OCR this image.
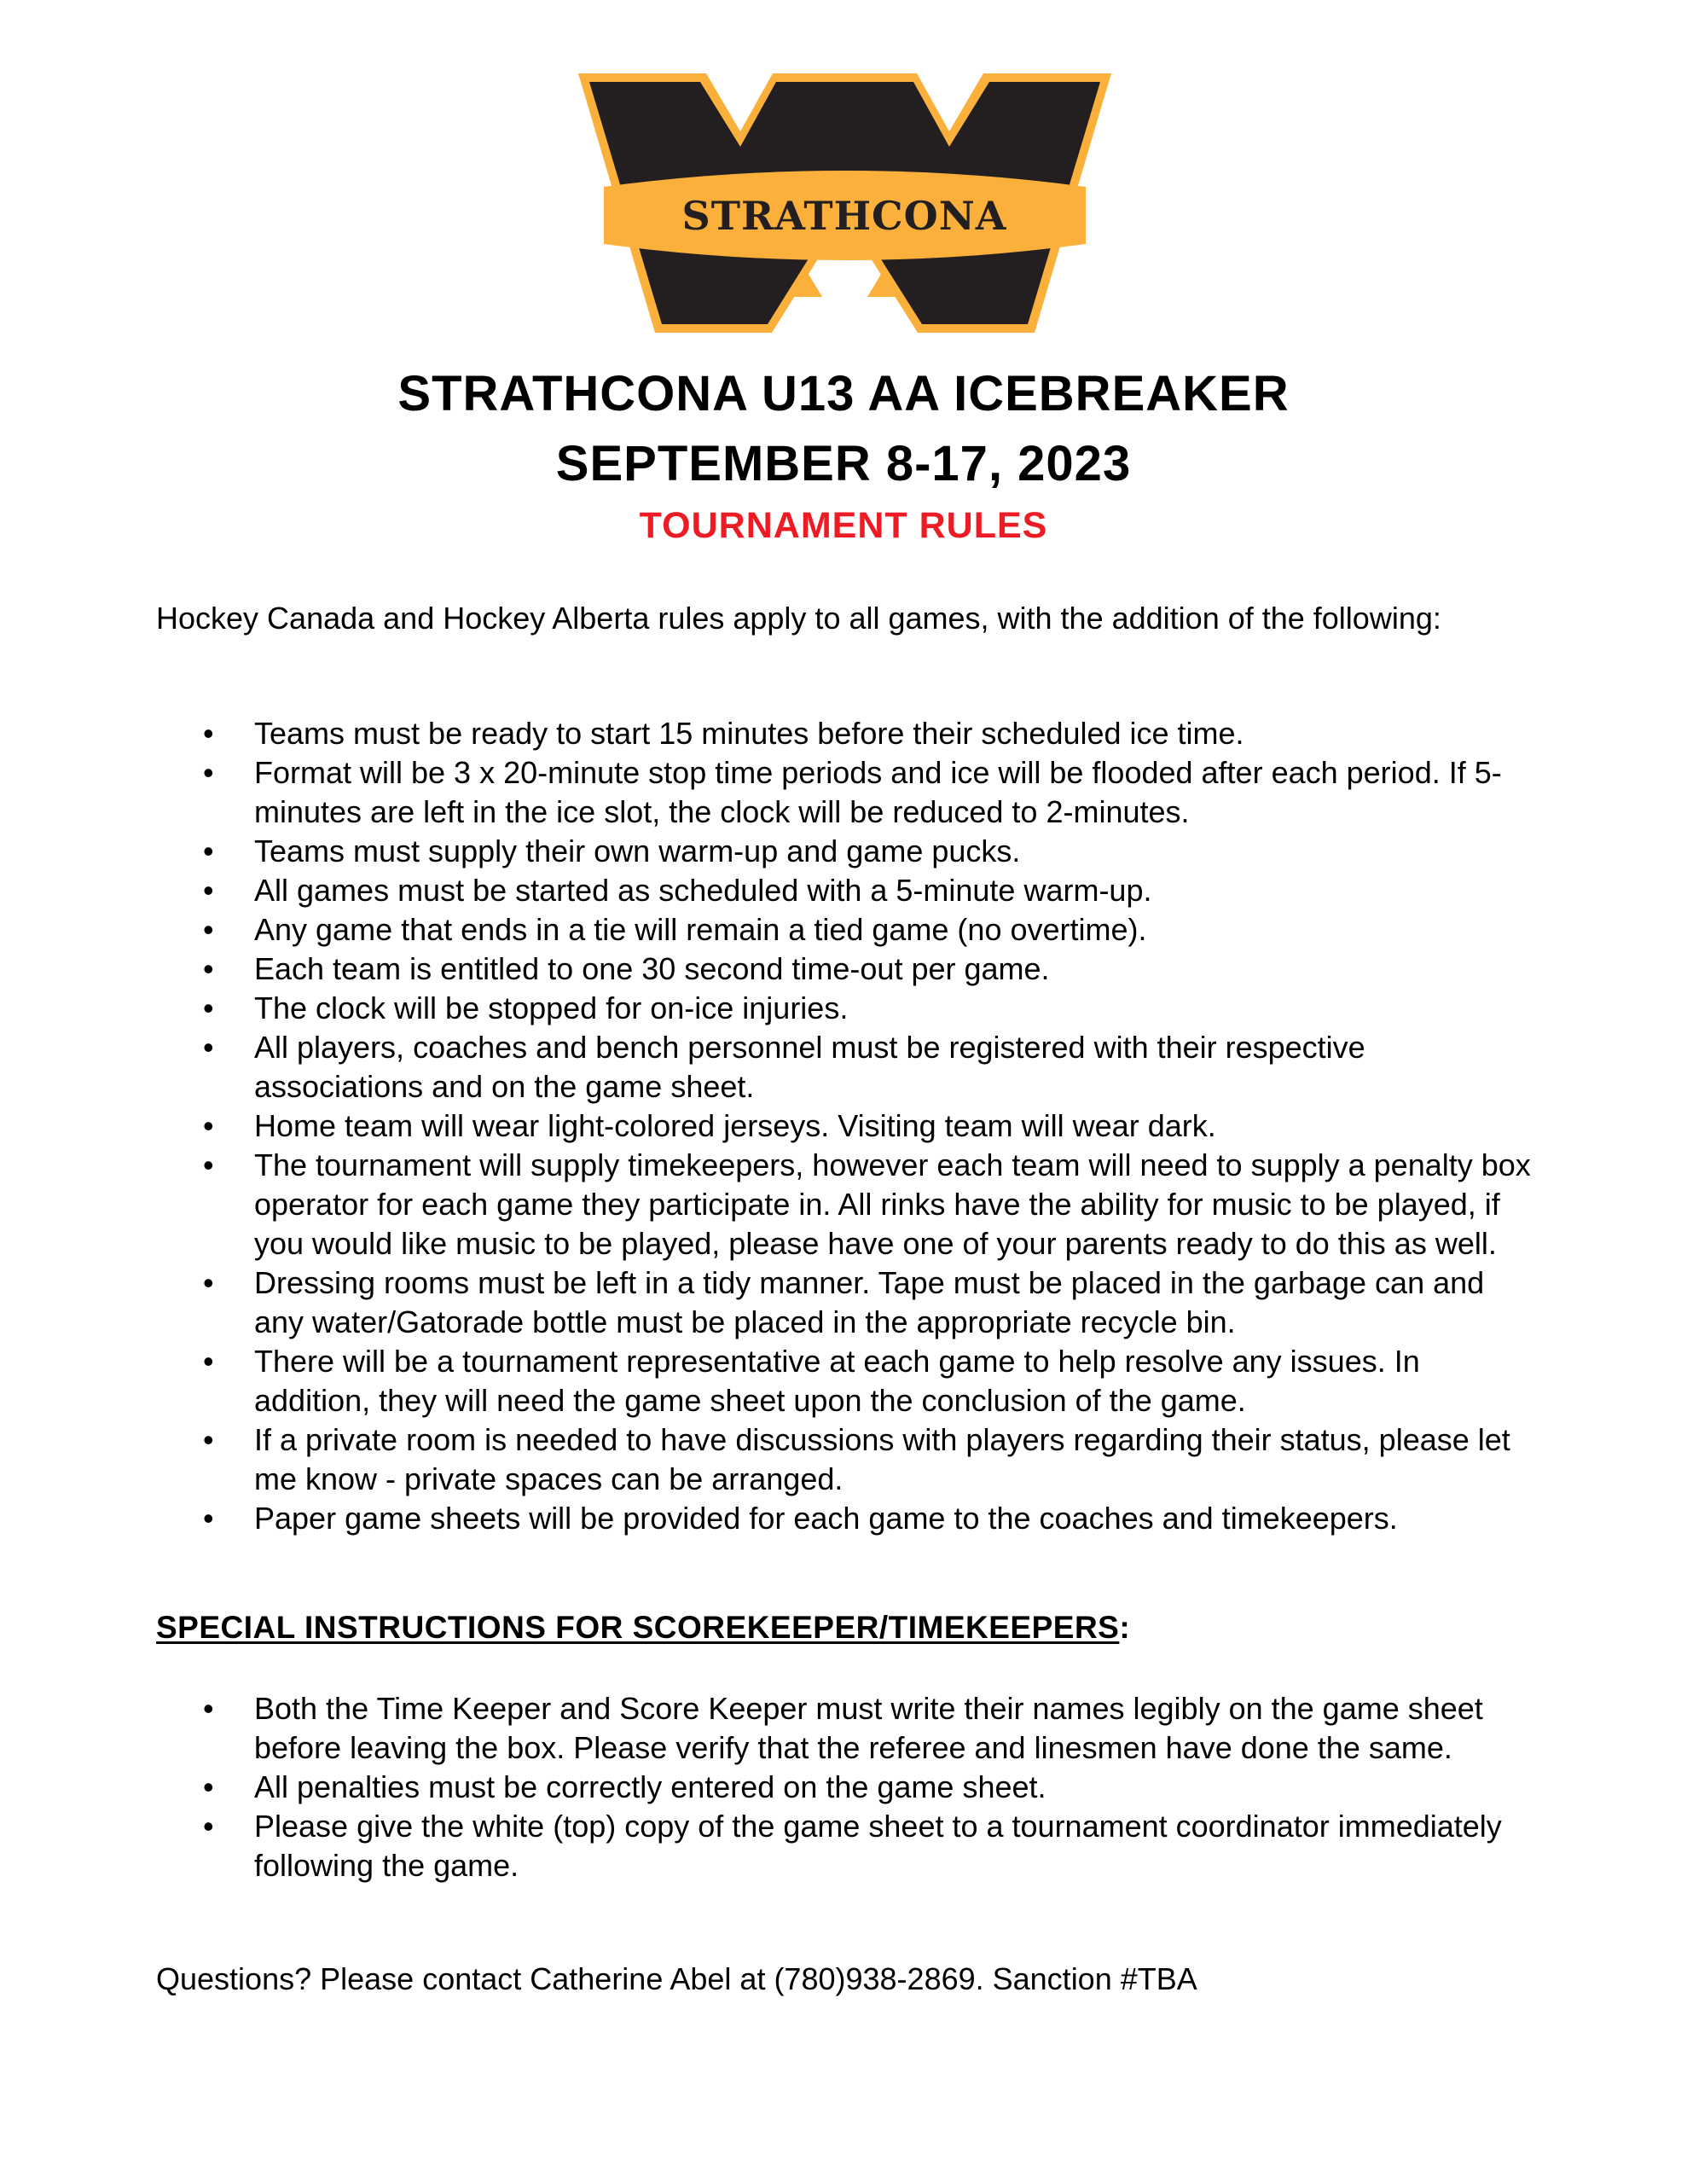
STRATHCONA
STRATHCONA U13 AA ICEBREAKER
SEPTEMBER 8-17, 2023
TOURNAMENT RULES
Hockey Canada and Hockey Alberta rules apply to all games, with the addition of the following:
• Teams must be ready to start 15 minutes before their scheduled ice time.
• Format will be 3 x 20-minute stop time periods and ice will be flooded after each period. If 5-minutes are left in the ice slot, the clock will be reduced to 2-minutes.
• Teams must supply their own warm-up and game pucks.
• All games must be started as scheduled with a 5-minute warm-up.
• Any game that ends in a tie will remain a tied game (no overtime).
• Each team is entitled to one 30 second time-out per game.
• The clock will be stopped for on-ice injuries.
• All players, coaches and bench personnel must be registered with their respective associations and on the game sheet.
• Home team will wear light-colored jerseys. Visiting team will wear dark.
• The tournament will supply timekeepers, however each team will need to supply a penalty box operator for each game they participate in. All rinks have the ability for music to be played, if you would like music to be played, please have one of your parents ready to do this as well.
• Dressing rooms must be left in a tidy manner. Tape must be placed in the garbage can and any water/Gatorade bottle must be placed in the appropriate recycle bin.
• There will be a tournament representative at each game to help resolve any issues. In addition, they will need the game sheet upon the conclusion of the game.
• If a private room is needed to have discussions with players regarding their status, please let me know - private spaces can be arranged.
• Paper game sheets will be provided for each game to the coaches and timekeepers.
SPECIAL INSTRUCTIONS FOR SCOREKEEPER/TIMEKEEPERS:
• Both the Time Keeper and Score Keeper must write their names legibly on the game sheet before leaving the box. Please verify that the referee and linesmen have done the same.
• All penalties must be correctly entered on the game sheet.
• Please give the white (top) copy of the game sheet to a tournament coordinator immediately following the game.
Questions? Please contact Catherine Abel at (780)938-2869. Sanction #TBA
